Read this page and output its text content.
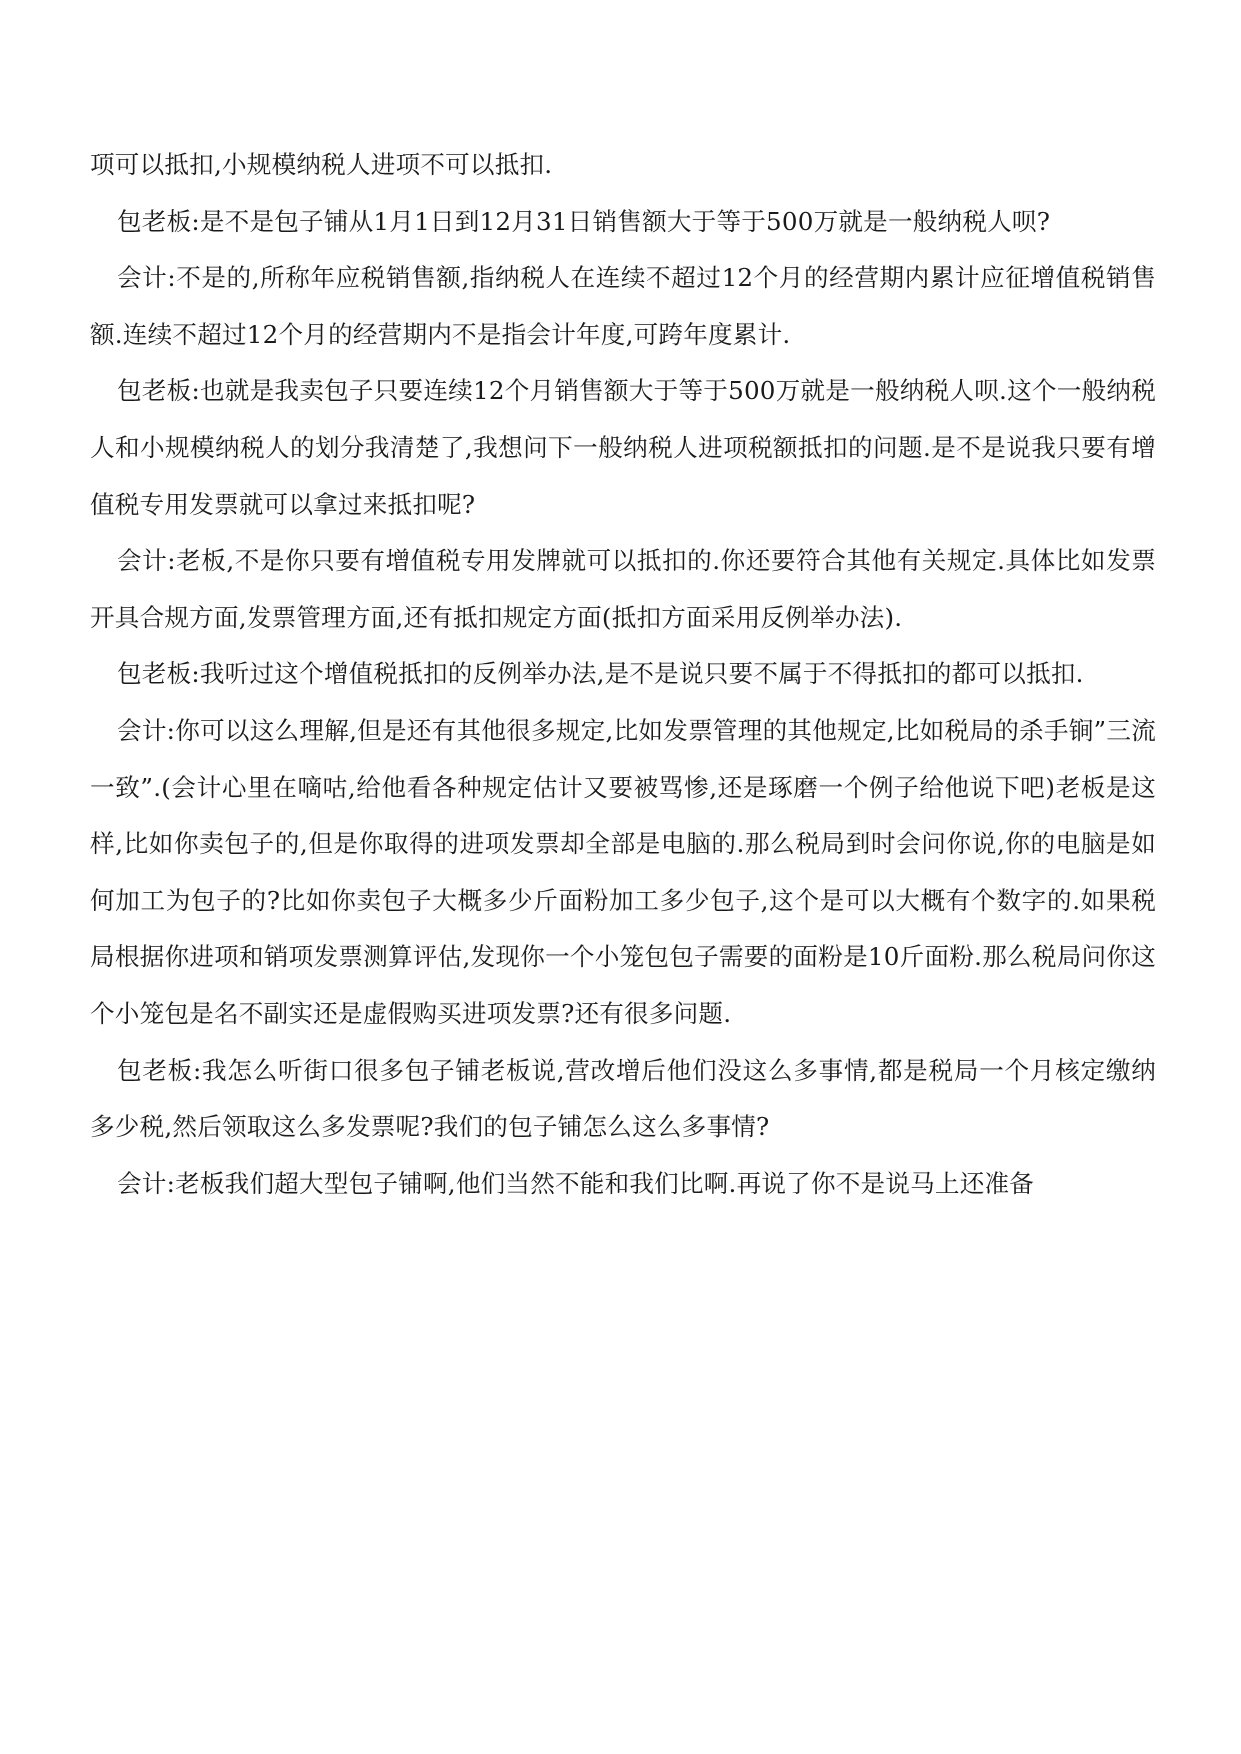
项可以抵扣,小规模纳税人进项不可以抵扣.

包老板:是不是包子铺从1月1日到12月31日销售额大于等于500万就是一般纳税人呗?

会计:不是的,所称年应税销售额,指纳税人在连续不超过12个月的经营期内累计应征增值税销售额.连续不超过12个月的经营期内不是指会计年度,可跨年度累计.

包老板:也就是我卖包子只要连续12个月销售额大于等于500万就是一般纳税人呗.这个一般纳税人和小规模纳税人的划分我清楚了,我想问下一般纳税人进项税额抵扣的问题.是不是说我只要有增值税专用发票就可以拿过来抵扣呢?

会计:老板,不是你只要有增值税专用发牌就可以抵扣的.你还要符合其他有关规定.具体比如发票开具合规方面,发票管理方面,还有抵扣规定方面(抵扣方面采用反例举办法).

包老板:我听过这个增值税抵扣的反例举办法,是不是说只要不属于不得抵扣的都可以抵扣.

会计:你可以这么理解,但是还有其他很多规定,比如发票管理的其他规定,比如税局的杀手锏”三流一致”.(会计心里在嘀咕,给他看各种规定估计又要被骂惨,还是琢磨一个例子给他说下吧)老板是这样,比如你卖包子的,但是你取得的进项发票却全部是电脑的.那么税局到时会问你说,你的电脑是如何加工为包子的?比如你卖包子大概多少斤面粉加工多少包子,这个是可以大概有个数字的.如果税局根据你进项和销项发票测算评估,发现你一个小笼包包子需要的面粉是10斤面粉.那么税局问你这个小笼包是名不副实还是虚假购买进项发票?还有很多问题.

包老板:我怎么听街口很多包子铺老板说,营改增后他们没这么多事情,都是税局一个月核定缴纳多少税,然后领取这么多发票呢?我们的包子铺怎么这么多事情?

会计:老板我们超大型包子铺啊,他们当然不能和我们比啊.再说了你不是说马上还准备
